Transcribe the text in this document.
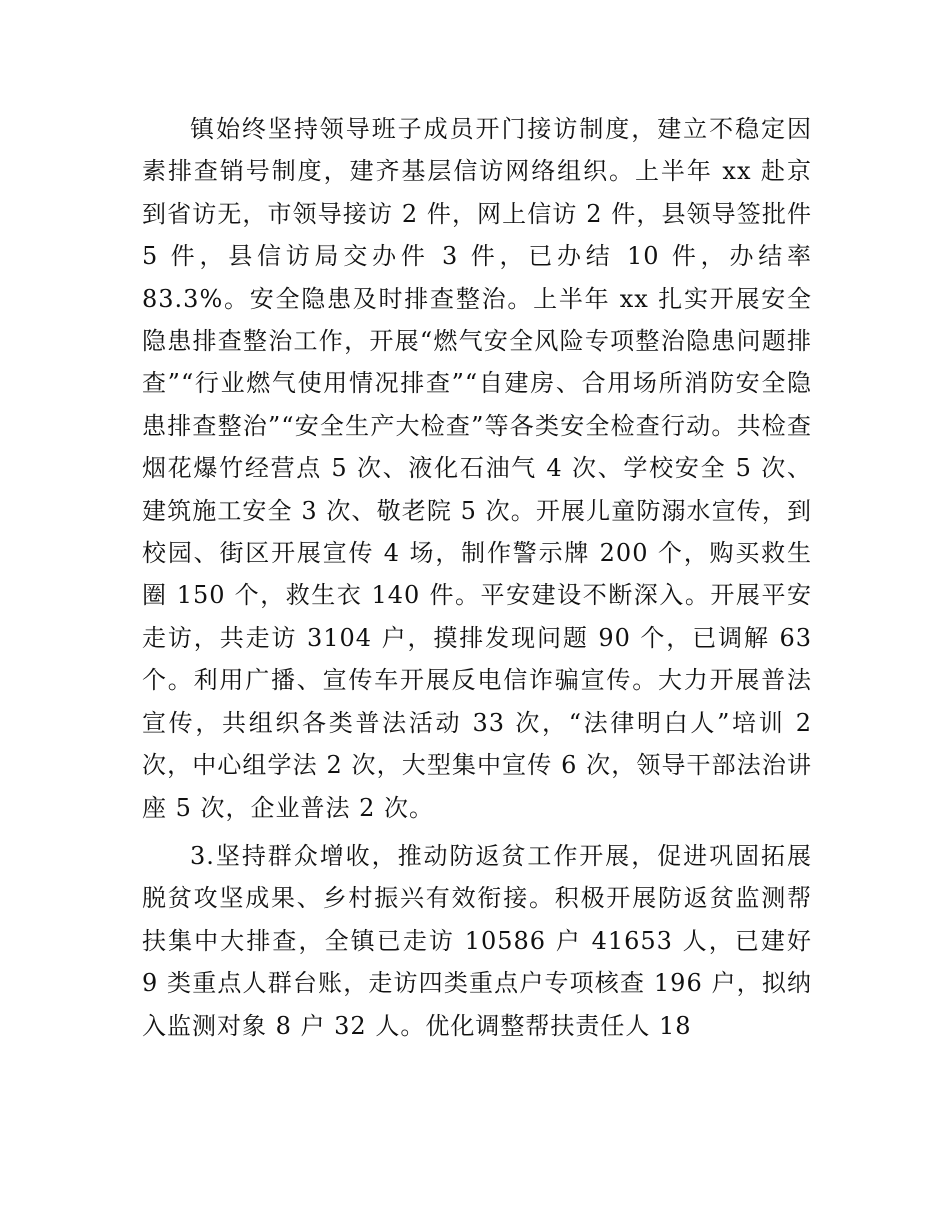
镇始终坚持领导班子成员开门接访制度，建立不稳定因素排查销号制度，建齐基层信访网络组织。上半年 xx 赴京到省访无，市领导接访 2 件，网上信访 2 件，县领导签批件 5 件，县信访局交办件 3 件，已办结 10 件，办结率 83.3%。安全隐患及时排查整治。上半年 xx 扎实开展安全隐患排查整治工作，开展“燃气安全风险专项整治隐患问题排查”“行业燃气使用情况排查”“自建房、合用场所消防安全隐患排查整治”“安全生产大检查”等各类安全检查行动。共检查烟花爆竹经营点 5 次、液化石油气 4 次、学校安全 5 次、建筑施工安全 3 次、敬老院 5 次。开展儿童防溺水宣传，到校园、街区开展宣传 4 场，制作警示牌 200 个，购买救生圈 150 个，救生衣 140 件。平安建设不断深入。开展平安走访，共走访 3104 户，摸排发现问题 90 个，已调解 63 个。利用广播、宣传车开展反电信诈骗宣传。大力开展普法宣传，共组织各类普法活动 33 次，“法律明白人”培训 2 次，中心组学法 2 次，大型集中宣传 6 次，领导干部法治讲座 5 次，企业普法 2 次。

3.坚持群众增收，推动防返贫工作开展，促进巩固拓展脱贫攻坚成果、乡村振兴有效衔接。积极开展防返贫监测帮扶集中大排查，全镇已走访 10586 户 41653 人，已建好 9 类重点人群台账，走访四类重点户专项核查 196 户，拟纳入监测对象 8 户 32 人。优化调整帮扶责任人 18
